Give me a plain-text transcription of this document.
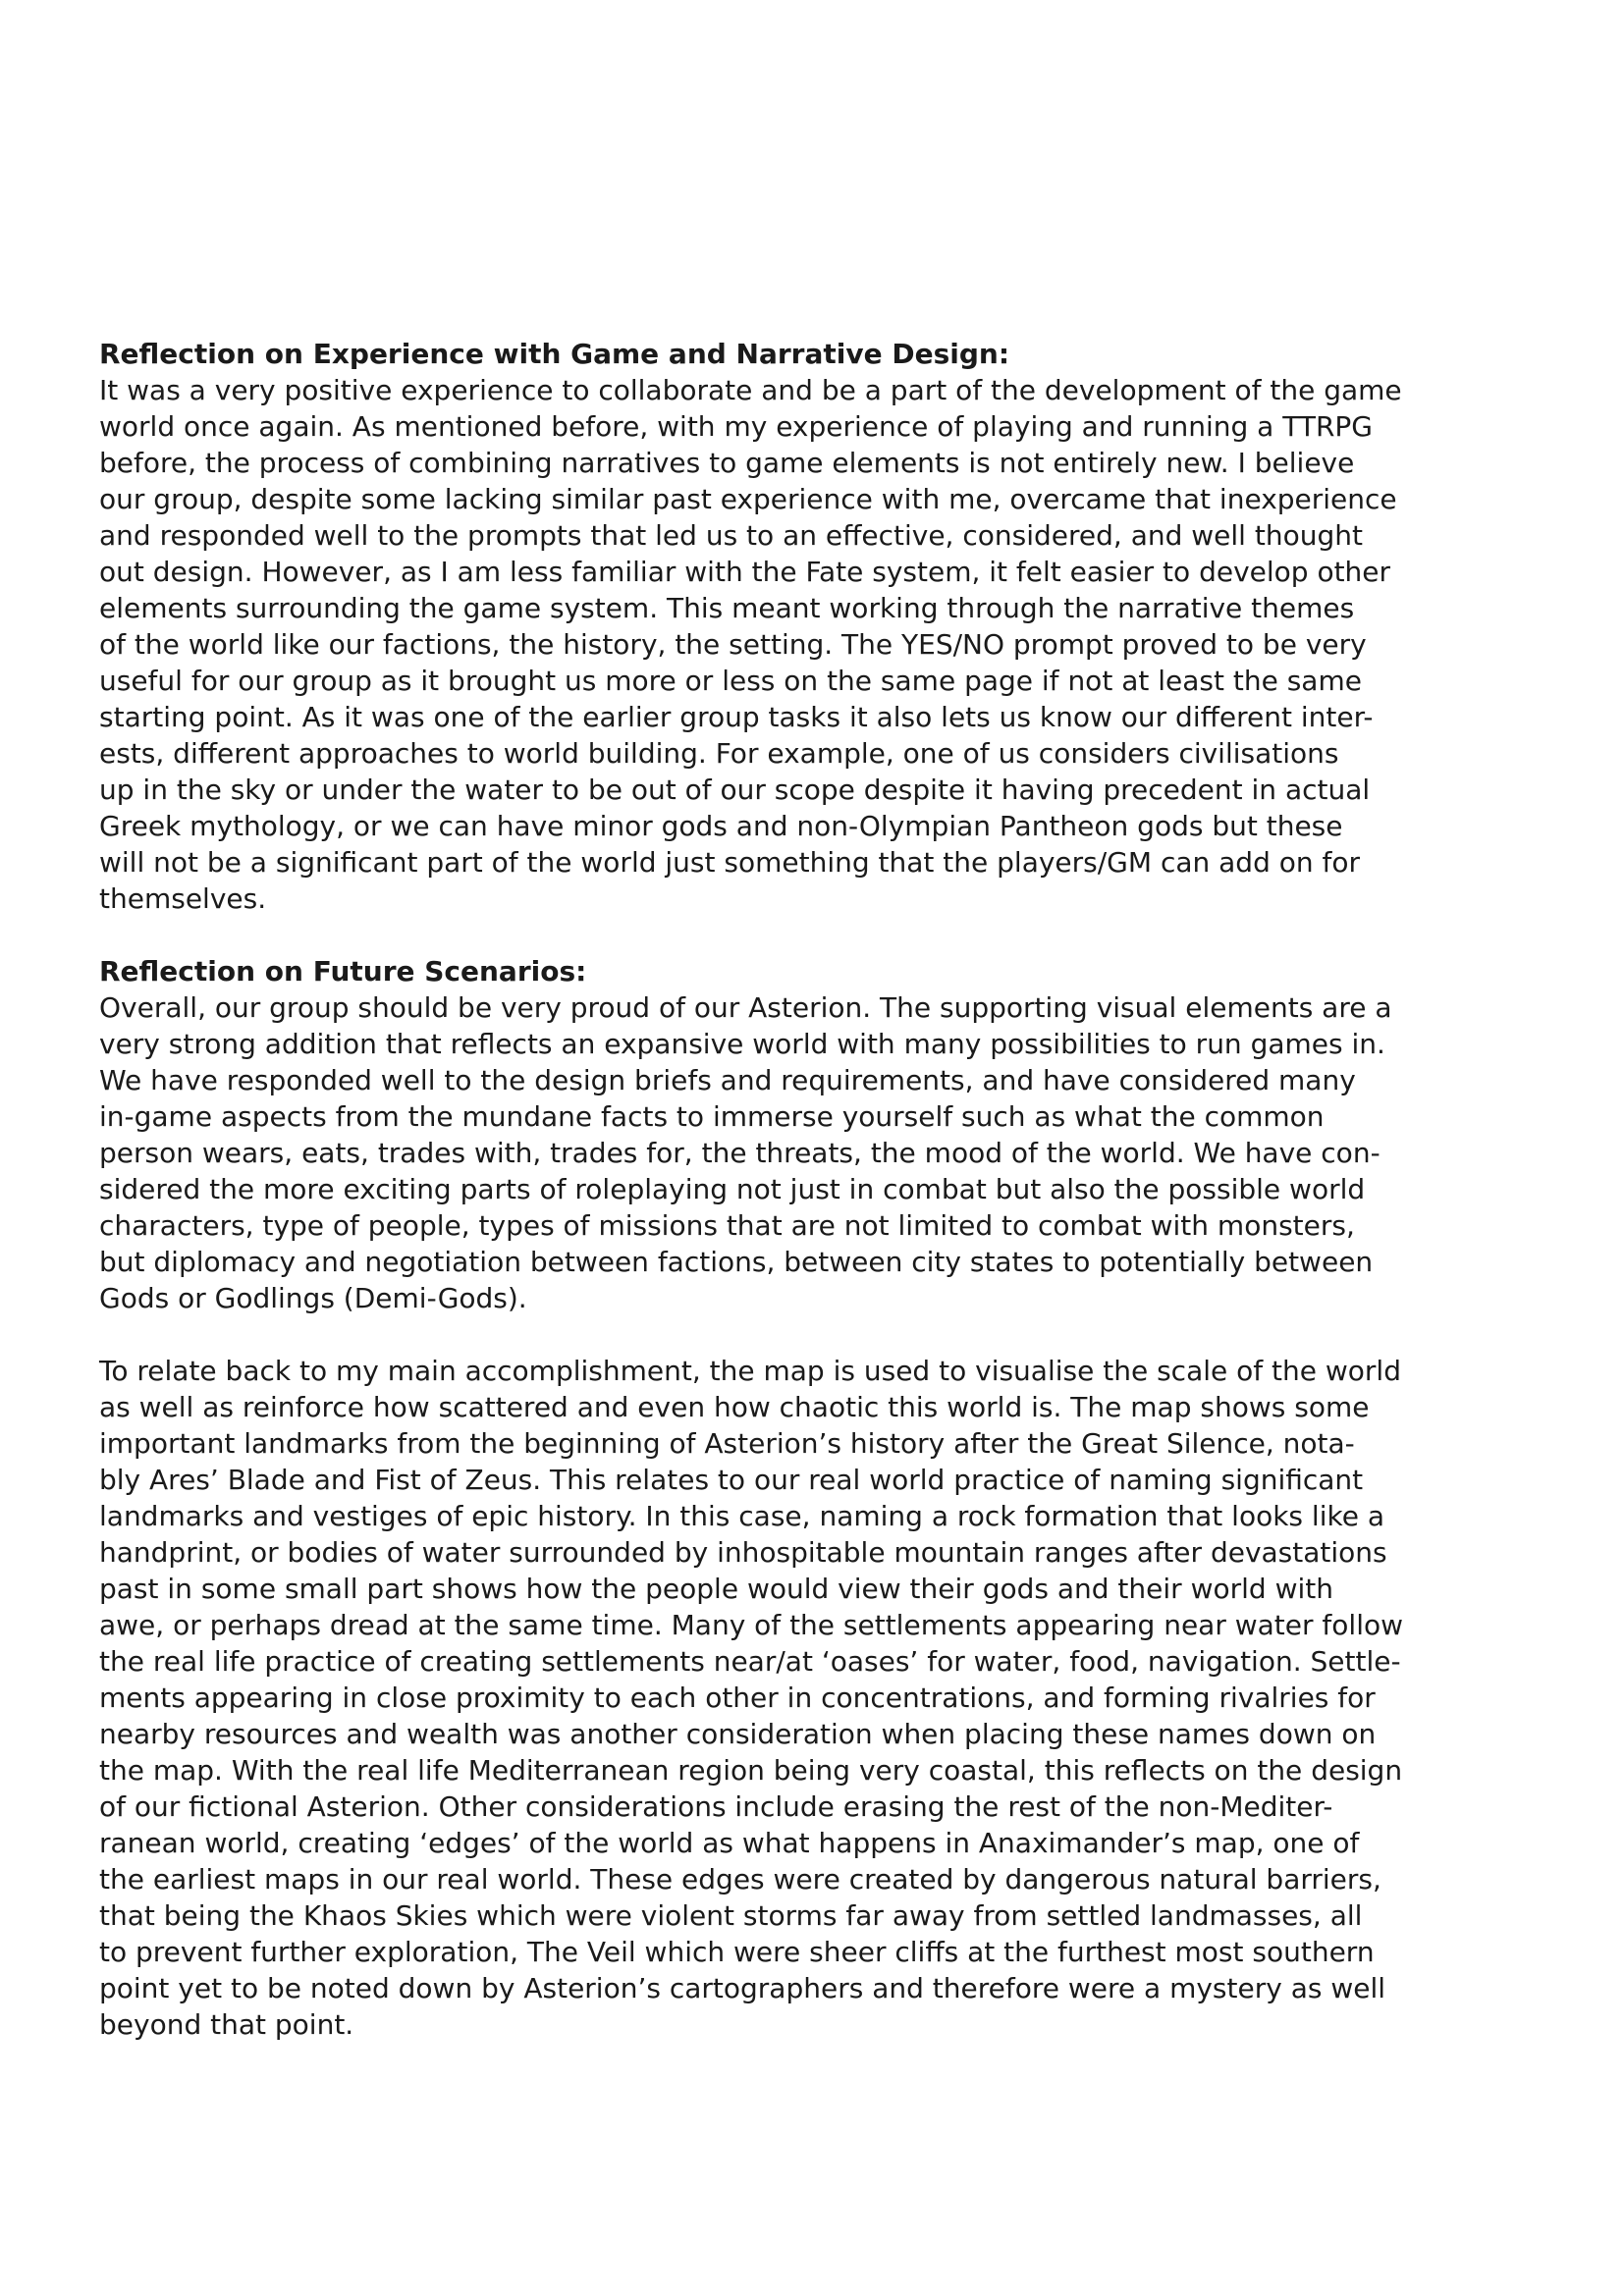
Reflection on Experience with Game and Narrative Design:
It was a very positive experience to collaborate and be a part of the development of the game
world once again. As mentioned before, with my experience of playing and running a TTRPG
before, the process of combining narratives to game elements is not entirely new. I believe
our group, despite some lacking similar past experience with me, overcame that inexperience
and responded well to the prompts that led us to an effective, considered, and well thought
out design. However, as I am less familiar with the Fate system, it felt easier to develop other
elements surrounding the game system. This meant working through the narrative themes
of the world like our factions, the history, the setting. The YES/NO prompt proved to be very
useful for our group as it brought us more or less on the same page if not at least the same
starting point. As it was one of the earlier group tasks it also lets us know our different inter-
ests, different approaches to world building. For example, one of us considers civilisations
up in the sky or under the water to be out of our scope despite it having precedent in actual
Greek mythology, or we can have minor gods and non-Olympian Pantheon gods but these
will not be a significant part of the world just something that the players/GM can add on for
themselves.
Reflection on Future Scenarios:
Overall, our group should be very proud of our Asterion. The supporting visual elements are a
very strong addition that reflects an expansive world with many possibilities to run games in.
We have responded well to the design briefs and requirements, and have considered many
in-game aspects from the mundane facts to immerse yourself such as what the common
person wears, eats, trades with, trades for, the threats, the mood of the world. We have con-
sidered the more exciting parts of roleplaying not just in combat but also the possible world
characters, type of people, types of missions that are not limited to combat with monsters,
but diplomacy and negotiation between factions, between city states to potentially between
Gods or Godlings (Demi-Gods).
To relate back to my main accomplishment, the map is used to visualise the scale of the world
as well as reinforce how scattered and even how chaotic this world is. The map shows some
important landmarks from the beginning of Asterion’s history after the Great Silence, nota-
bly Ares’ Blade and Fist of Zeus. This relates to our real world practice of naming significant
landmarks and vestiges of epic history. In this case, naming a rock formation that looks like a
handprint, or bodies of water surrounded by inhospitable mountain ranges after devastations
past in some small part shows how the people would view their gods and their world with
awe, or perhaps dread at the same time. Many of the settlements appearing near water follow
the real life practice of creating settlements near/at ‘oases’ for water, food, navigation. Settle-
ments appearing in close proximity to each other in concentrations, and forming rivalries for
nearby resources and wealth was another consideration when placing these names down on
the map. With the real life Mediterranean region being very coastal, this reflects on the design
of our fictional Asterion. Other considerations include erasing the rest of the non-Mediter-
ranean world, creating ‘edges’ of the world as what happens in Anaximander’s map, one of
the earliest maps in our real world. These edges were created by dangerous natural barriers,
that being the Khaos Skies which were violent storms far away from settled landmasses, all
to prevent further exploration, The Veil which were sheer cliffs at the furthest most southern
point yet to be noted down by Asterion’s cartographers and therefore were a mystery as well
beyond that point.
